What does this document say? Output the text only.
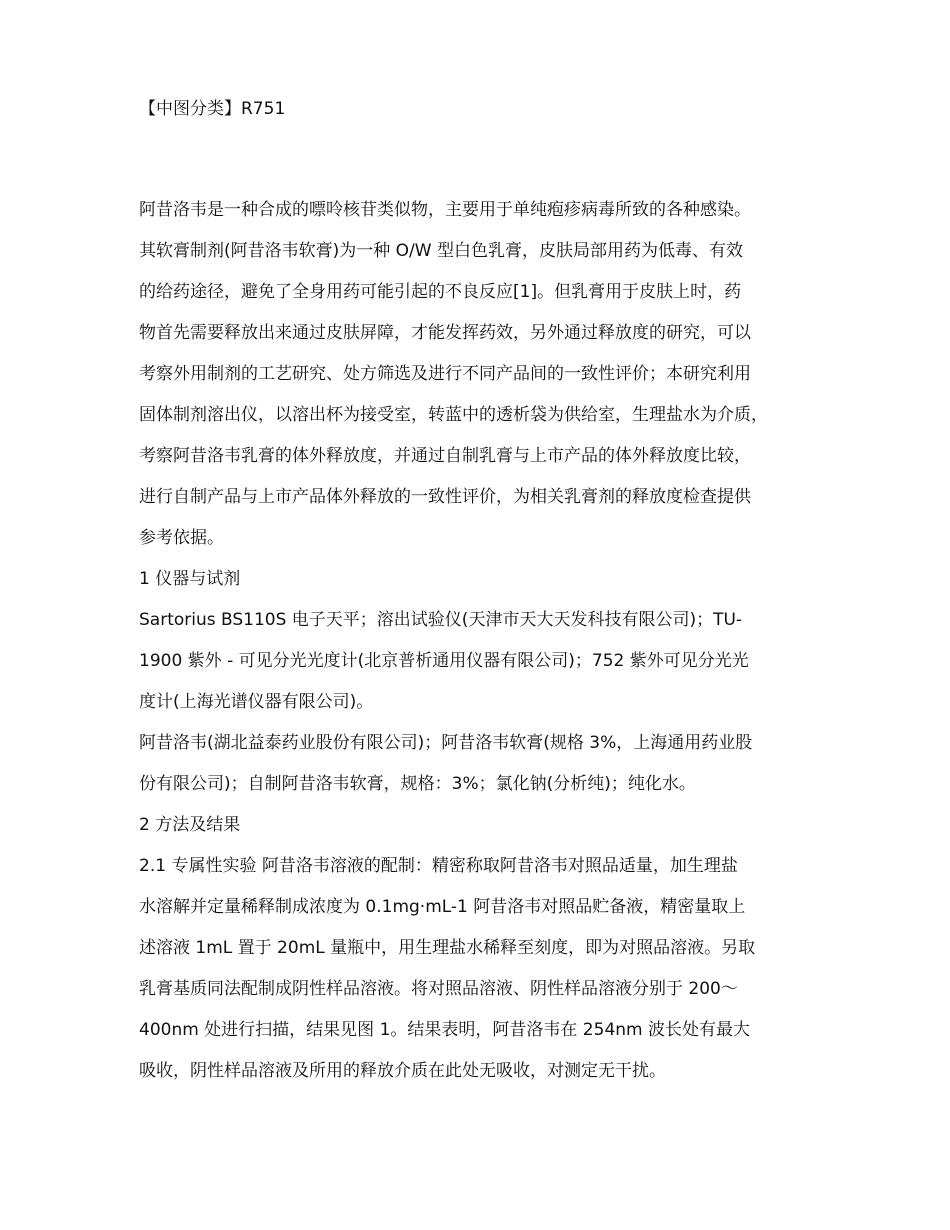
【中图分类】R751
阿昔洛韦是一种合成的嘌呤核苷类似物，主要用于单纯疱疹病毒所致的各种感染。
其软膏制剂(阿昔洛韦软膏)为一种 O/W 型白色乳膏，皮肤局部用药为低毒、有效
的给药途径，避免了全身用药可能引起的不良反应[1]。但乳膏用于皮肤上时，药
物首先需要释放出来通过皮肤屏障，才能发挥药效，另外通过释放度的研究，可以
考察外用制剂的工艺研究、处方筛选及进行不同产品间的一致性评价；本研究利用
固体制剂溶出仪，以溶出杯为接受室，转蓝中的透析袋为供给室，生理盐水为介质，
考察阿昔洛韦乳膏的体外释放度，并通过自制乳膏与上市产品的体外释放度比较，
进行自制产品与上市产品体外释放的一致性评价，为相关乳膏剂的释放度检查提供
参考依据。
1 仪器与试剂
Sartorius BS110S 电子天平；溶出试验仪(天津市天大天发科技有限公司)；TU-
1900 紫外 - 可见分光光度计(北京普析通用仪器有限公司)；752 紫外可见分光光
度计(上海光谱仪器有限公司)。
阿昔洛韦(湖北益泰药业股份有限公司)；阿昔洛韦软膏(规格 3%，上海通用药业股
份有限公司)；自制阿昔洛韦软膏，规格：3%；氯化钠(分析纯)；纯化水。
2 方法及结果
2.1 专属性实验 阿昔洛韦溶液的配制：精密称取阿昔洛韦对照品适量，加生理盐
水溶解并定量稀释制成浓度为 0.1mg·mL-1 阿昔洛韦对照品贮备液，精密量取上
述溶液 1mL 置于 20mL 量瓶中，用生理盐水稀释至刻度，即为对照品溶液。另取
乳膏基质同法配制成阴性样品溶液。将对照品溶液、阴性样品溶液分别于 200～
400nm 处进行扫描，结果见图 1。结果表明，阿昔洛韦在 254nm 波长处有最大
吸收，阴性样品溶液及所用的释放介质在此处无吸收，对测定无干扰。
